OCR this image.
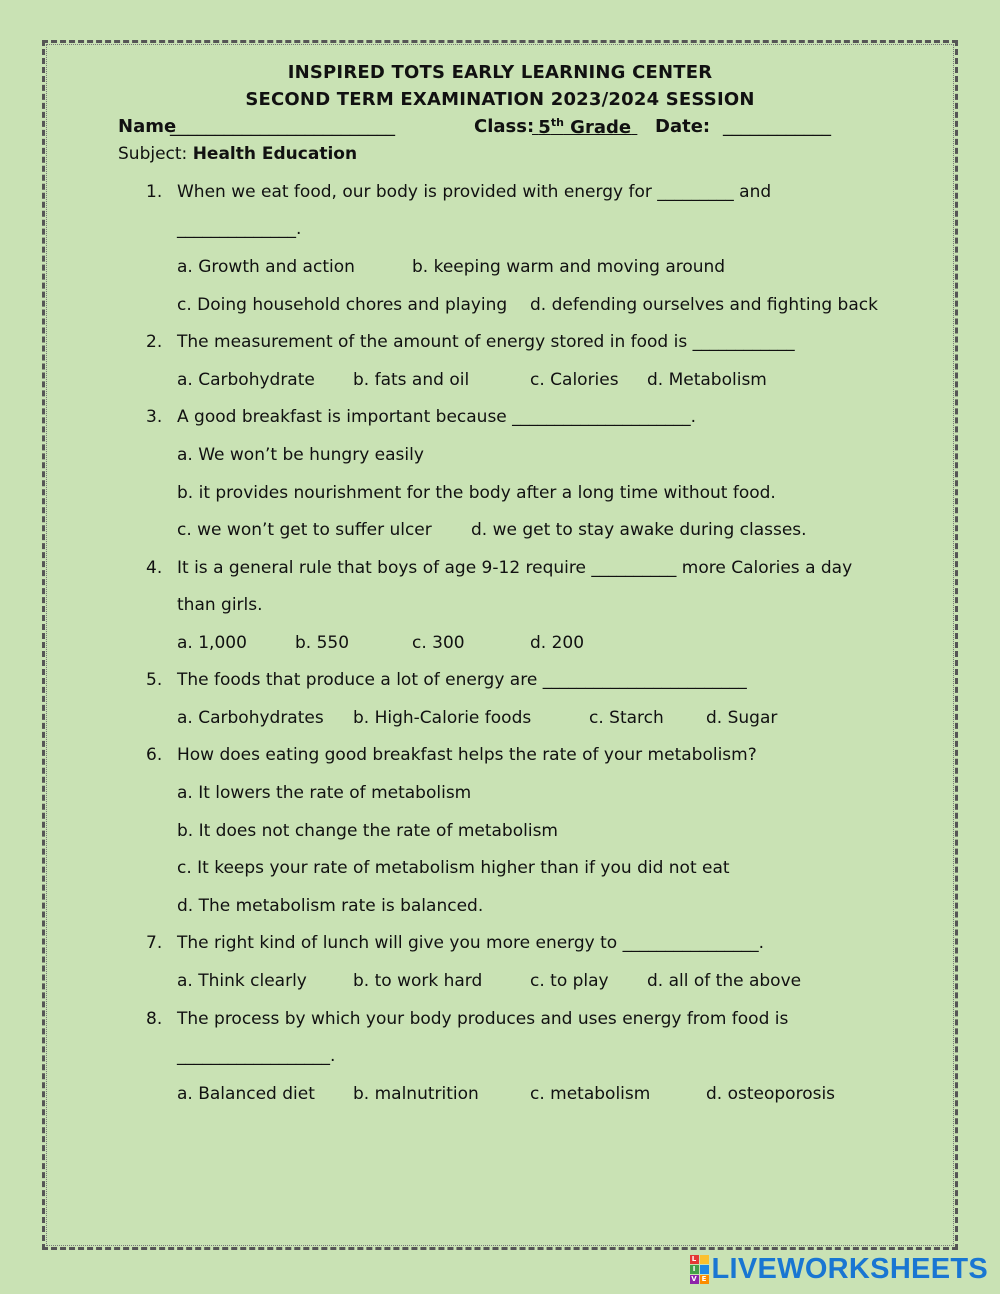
INSPIRED TOTS EARLY LEARNING CENTER
SECOND TERM EXAMINATION 2023/2024 SESSION
Name
_________________________	Class: 5th Grade	Date: ____________
Subject: Health Education
1. When we eat food, our body is provided with energy for _________ and
______________.
a. Growth and action	b. keeping warm and moving around
c. Doing household chores and playing d. defending ourselves and fighting back
2. The measurement of the amount of energy stored in food is ____________
a. Carbohydrate b. fats and oil	c. Calories d. Metabolism
3. A good breakfast is important because _____________________.
a. We won’t be hungry easily
b. it provides nourishment for the body after a long time without food.
c. we won’t get to suffer ulcer d. we get to stay awake during classes.
4. It is a general rule that boys of age 9-12 require __________ more Calories a day
than girls.
a. 1,000	b. 550	c. 300	d. 200
5. The foods that produce a lot of energy are ________________________
a. Carbohydrates b. High-Calorie foods	c. Starch d. Sugar
6. How does eating good breakfast helps the rate of your metabolism?
a. It lowers the rate of metabolism
b. It does not change the rate of metabolism
c. It keeps your rate of metabolism higher than if you did not eat
d. The metabolism rate is balanced.
7. The right kind of lunch will give you more energy to ________________.
a. Think clearly	b. to work hard	c. to play d. all of the above
8. The process by which your body produces and uses energy from food is
__________________.
a. Balanced diet b. malnutrition	c. metabolism	d. osteoporosis
L
I
V E LIVEWORKSHEETS
